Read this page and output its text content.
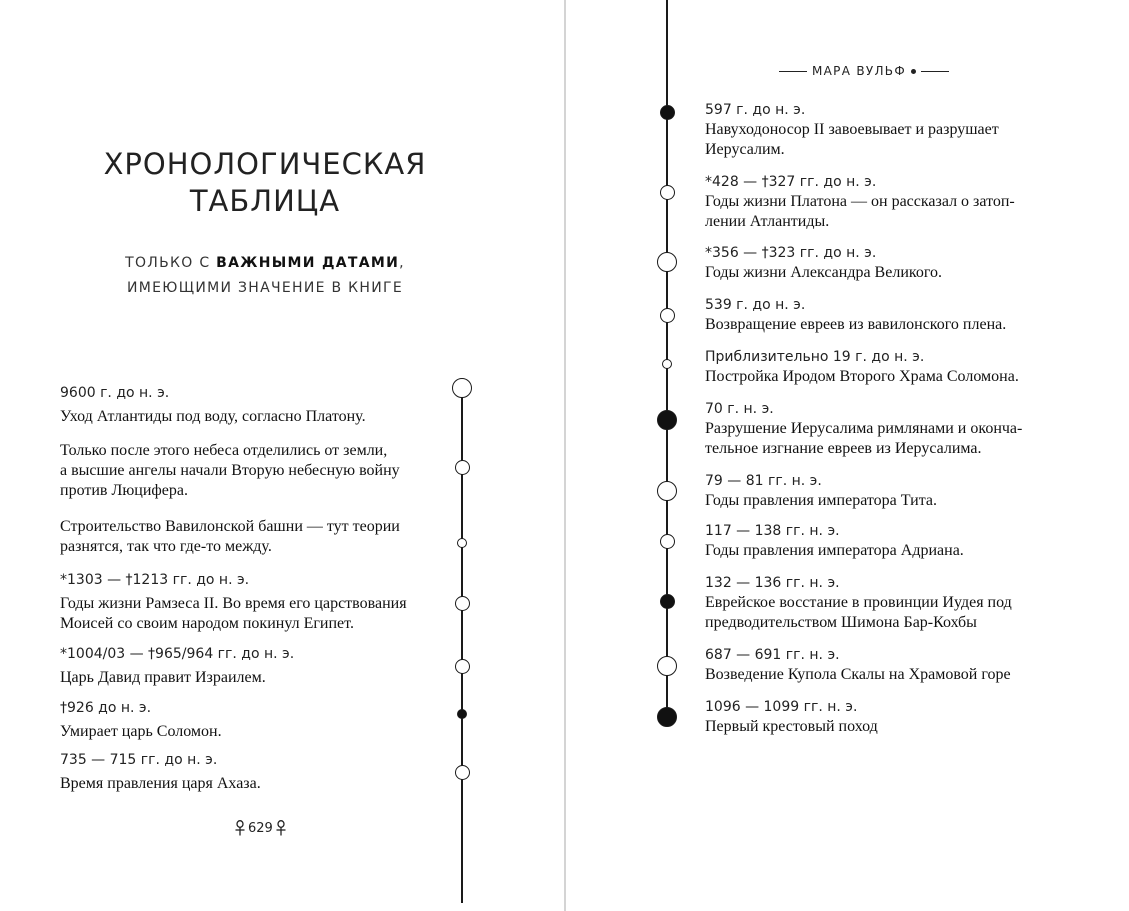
ХРОНОЛОГИЧЕСКАЯ
ТАБЛИЦА
ТОЛЬКО С ВАЖНЫМИ ДАТАМИ,
ИМЕЮЩИМИ ЗНАЧЕНИЕ В КНИГЕ
9600 г. до н. э.
Уход Атлантиды под воду, согласно Платону.
Только после этого небеса отделились от земли,
а высшие ангелы начали Вторую небесную войну
против Люцифера.
Строительство Вавилонской башни — тут теории
разнятся, так что где-то между.
*1303 — †1213 гг. до н. э.
Годы жизни Рамзеса II. Во время его царствования
Моисей со своим народом покинул Египет.
*1004/03 — †965/964 гг. до н. э.
Царь Давид правит Израилем.
†926 до н. э.
Умирает царь Соломон.
735 — 715 гг. до н. э.
Время правления царя Ахаза.
629
МАРА ВУЛЬФ
597 г. до н. э.
Навуходоносор II завоевывает и разрушает
Иерусалим.
*428 — †327 гг. до н. э.
Годы жизни Платона — он рассказал о затоп-
лении Атлантиды.
*356 — †323 гг. до н. э.
Годы жизни Александра Великого.
539 г. до н. э.
Возвращение евреев из вавилонского плена.
Приблизительно 19 г. до н. э.
Постройка Иродом Второго Храма Соломона.
70 г. н. э.
Разрушение Иерусалима римлянами и оконча-
тельное изгнание евреев из Иерусалима.
79 — 81 гг. н. э.
Годы правления императора Тита.
117 — 138 гг. н. э.
Годы правления императора Адриана.
132 — 136 гг. н. э.
Еврейское восстание в провинции Иудея под
предводительством Шимона Бар-Кохбы
687 — 691 гг. н. э.
Возведение Купола Скалы на Храмовой горе
1096 — 1099 гг. н. э.
Первый крестовый поход
